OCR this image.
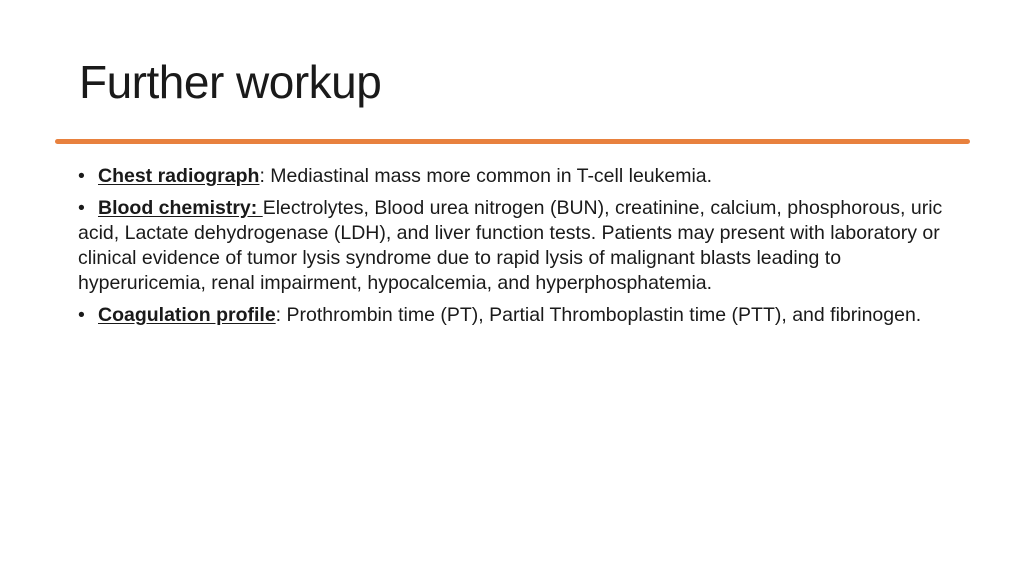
Further workup

• Chest radiograph: Mediastinal mass more common in T-cell leukemia.

• Blood chemistry: Electrolytes, Blood urea nitrogen (BUN), creatinine, calcium, phosphorous, uric acid, Lactate dehydrogenase (LDH), and liver function tests. Patients may present with laboratory or clinical evidence of tumor lysis syndrome due to rapid lysis of malignant blasts leading to hyperuricemia, renal impairment, hypocalcemia, and hyperphosphatemia.

• Coagulation profile: Prothrombin time (PT), Partial Thromboplastin time (PTT), and fibrinogen.
